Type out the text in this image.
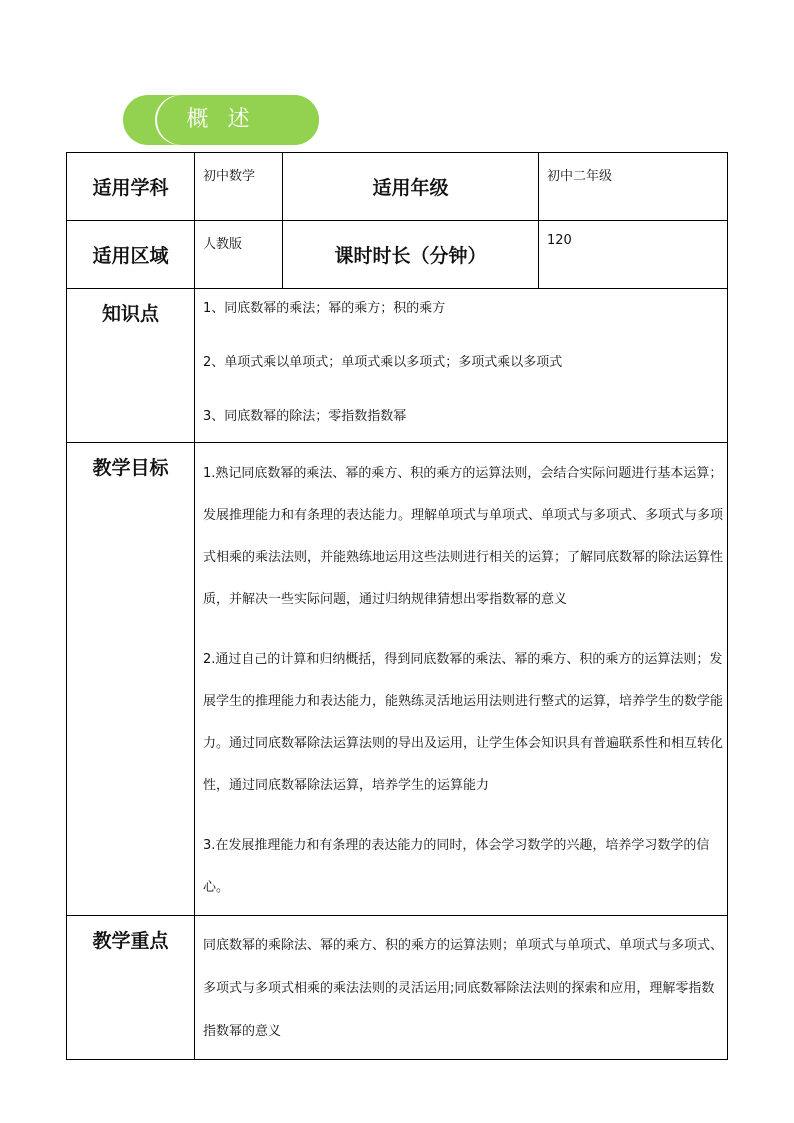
概 述
适用学科	初中数学	适用年级	初中二年级
适用区域	人教版	课时时长（分钟）	120
知识点	1、同底数幂的乘法；幂的乘方；积的乘方

2、单项式乘以单项式；单项式乘以多项式；多项式乘以多项式

3、同底数幂的除法；零指数指数幂		

教学目标	1.熟记同底数幂的乘法、幂的乘方、积的乘方的运算法则，会结合实际问题进行基本运算；发展推理能力和有条理的表达能力。理解单项式与单项式、单项式与多项式、多项式与多项式相乘的乘法法则，并能熟练地运用这些法则进行相关的运算；了解同底数幂的除法运算性质，并解决一些实际问题，通过归纳规律猜想出零指数幂的意义

2.通过自己的计算和归纳概括，得到同底数幂的乘法、幂的乘方、积的乘方的运算法则；发展学生的推理能力和表达能力，能熟练灵活地运用法则进行整式的运算，培养学生的数学能力。通过同底数幂除法运算法则的导出及运用，让学生体会知识具有普遍联系性和相互转化性，通过同底数幂除法运算，培养学生的运算能力

3.在发展推理能力和有条理的表达能力的同时，体会学习数学的兴趣，培养学习数学的信心。		

教学重点	同底数幂的乘除法、幂的乘方、积的乘方的运算法则；单项式与单项式、单项式与多项式、多项式与多项式相乘的乘法法则的灵活运用;同底数幂除法法则的探索和应用，理解零指数指数幂的意义		
